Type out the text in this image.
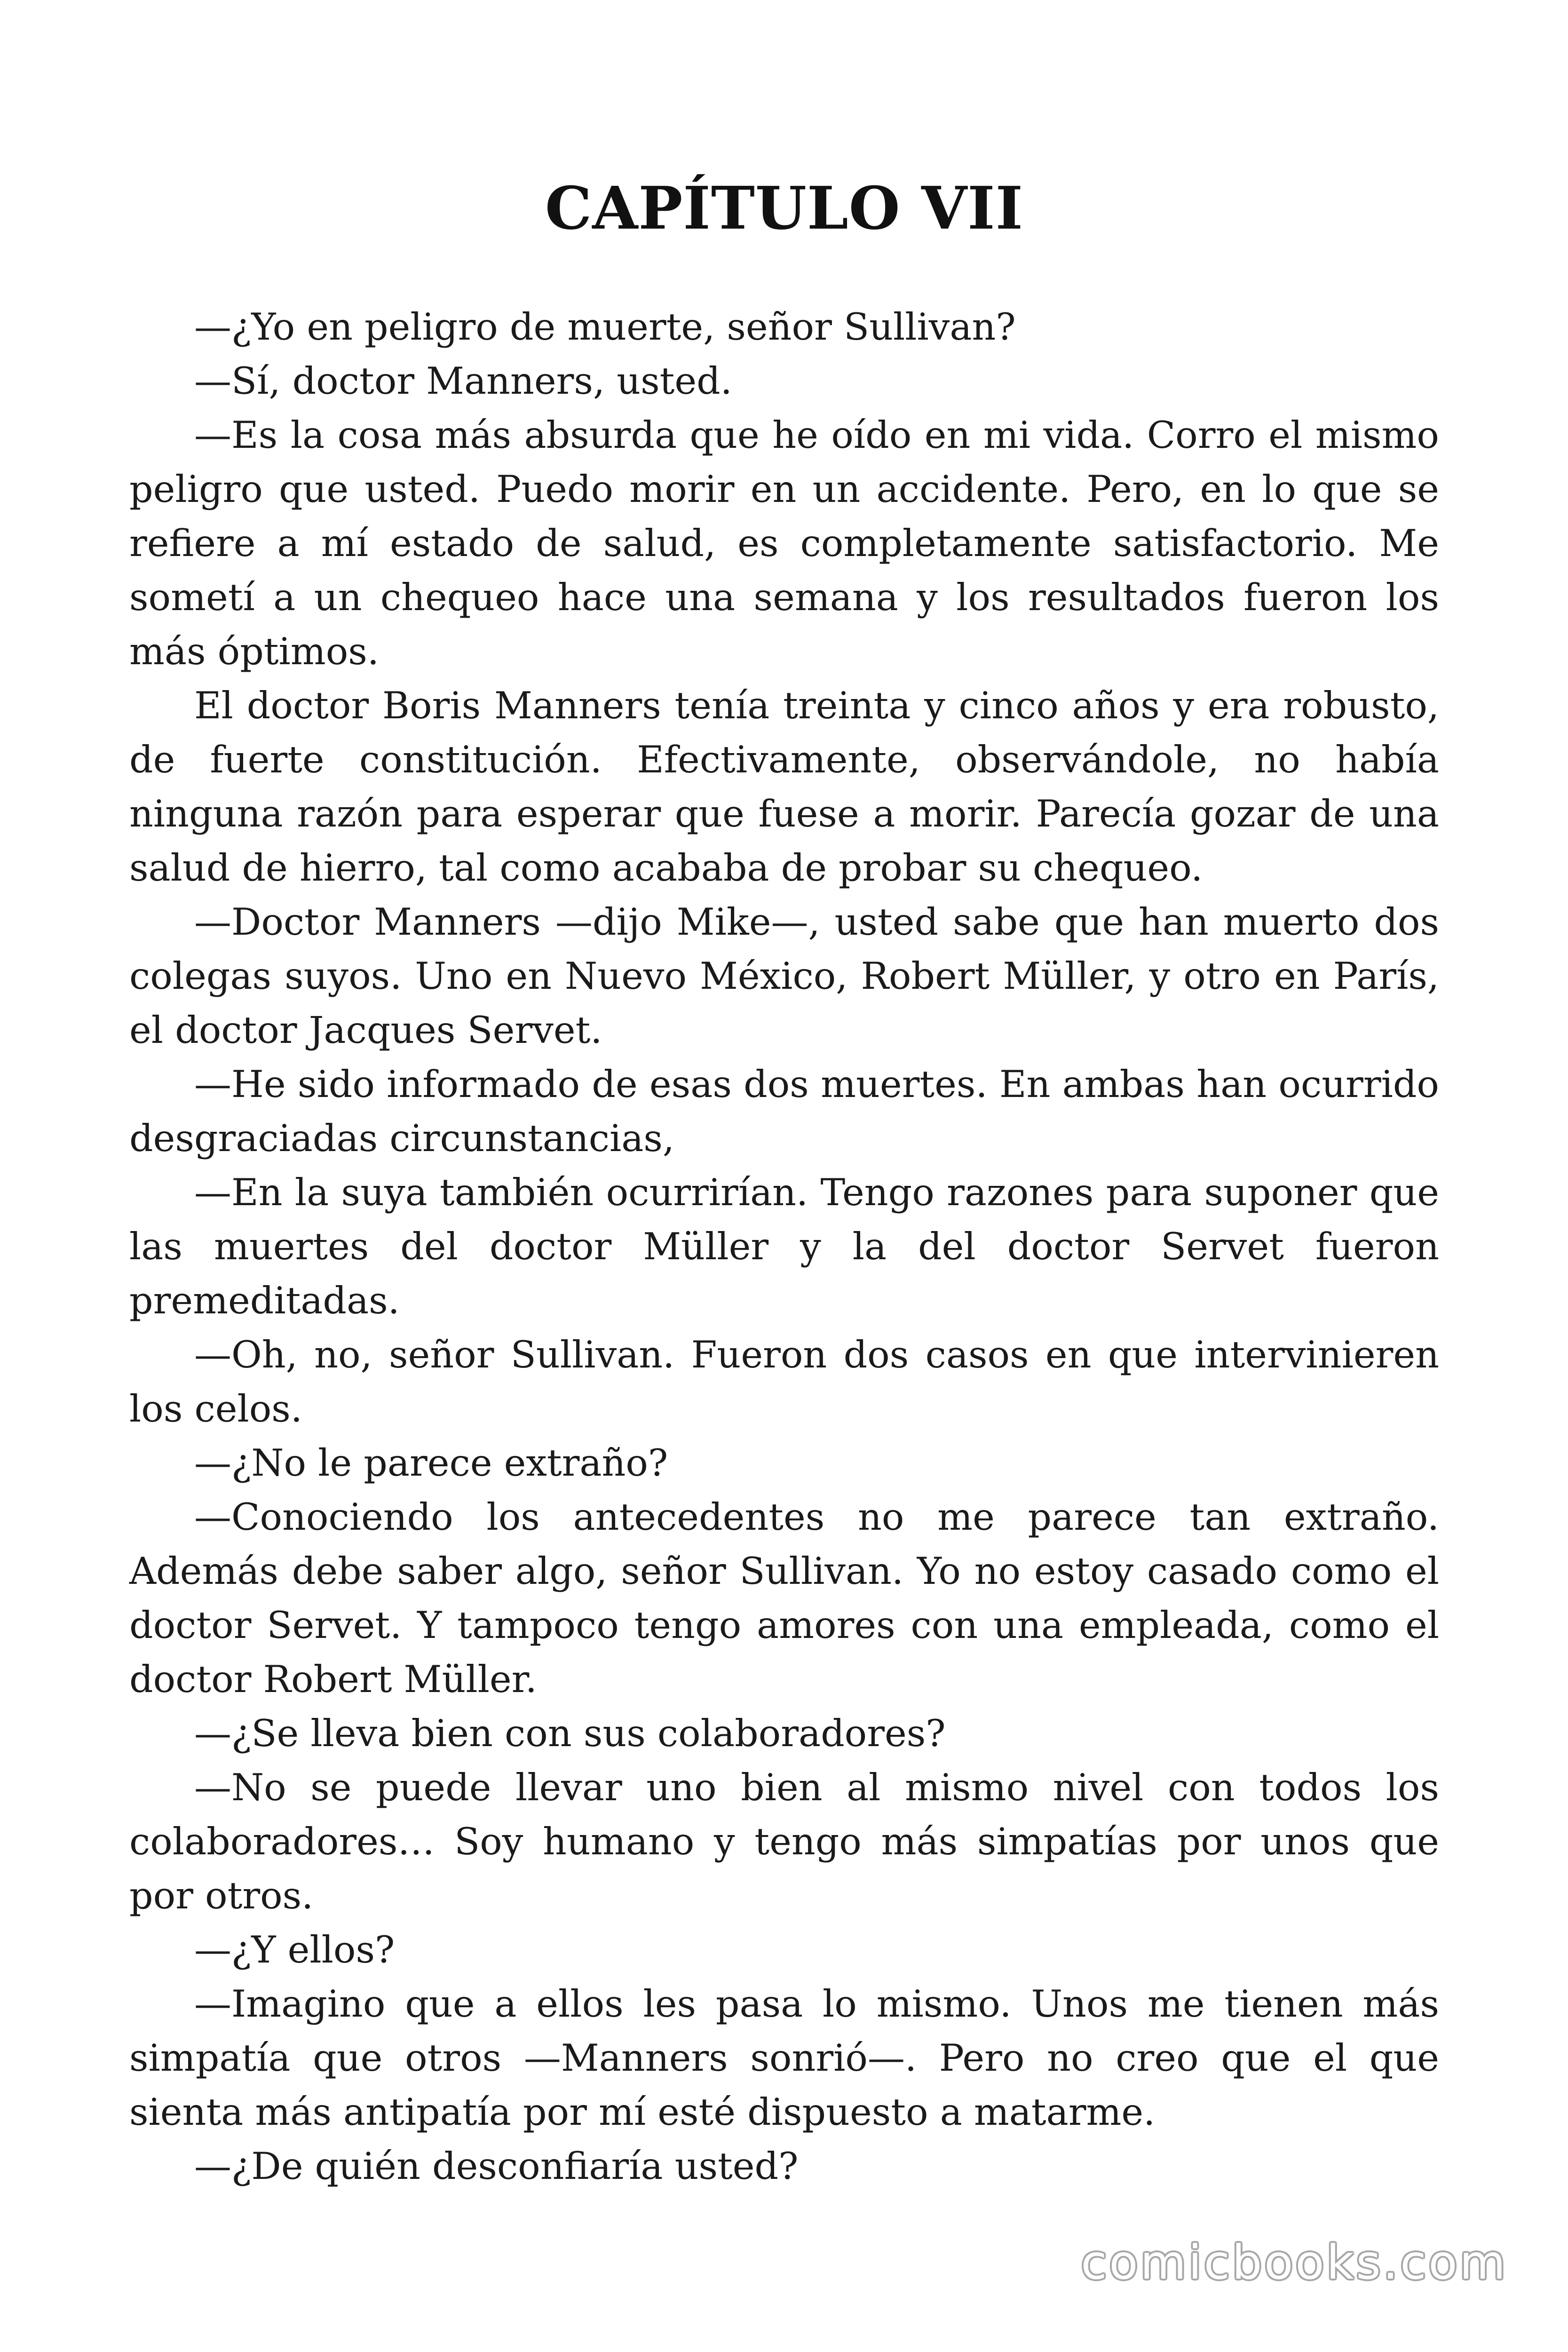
CAPÍTULO VII

—¿Yo en peligro de muerte, señor Sullivan?

—Sí, doctor Manners, usted.

—Es la cosa más absurda que he oído en mi vida. Corro el mismo peligro que usted. Puedo morir en un accidente. Pero, en lo que se refiere a mí estado de salud, es completamente satisfactorio. Me sometí a un chequeo hace una semana y los resultados fueron los más óptimos.

El doctor Boris Manners tenía treinta y cinco años y era robusto, de fuerte constitución. Efectivamente, observándole, no había ninguna razón para esperar que fuese a morir. Parecía gozar de una salud de hierro, tal como acababa de probar su chequeo.

—Doctor Manners —dijo Mike—, usted sabe que han muerto dos colegas suyos. Uno en Nuevo México, Robert Müller, y otro en París, el doctor Jacques Servet.

—He sido informado de esas dos muertes. En ambas han ocurrido desgraciadas circunstancias,

—En la suya también ocurrirían. Tengo razones para suponer que las muertes del doctor Müller y la del doctor Servet fueron premeditadas.

—Oh, no, señor Sullivan. Fueron dos casos en que intervinieren los celos.

—¿No le parece extraño?

—Conociendo los antecedentes no me parece tan extraño. Además debe saber algo, señor Sullivan. Yo no estoy casado como el doctor Servet. Y tampoco tengo amores con una empleada, como el doctor Robert Müller.

—¿Se lleva bien con sus colaboradores?

—No se puede llevar uno bien al mismo nivel con todos los colaboradores… Soy humano y tengo más simpatías por unos que por otros.

—¿Y ellos?

—Imagino que a ellos les pasa lo mismo. Unos me tienen más simpatía que otros —Manners sonrió—. Pero no creo que el que sienta más antipatía por mí esté dispuesto a matarme.

—¿De quién desconfiaría usted?

comicbooks.com
